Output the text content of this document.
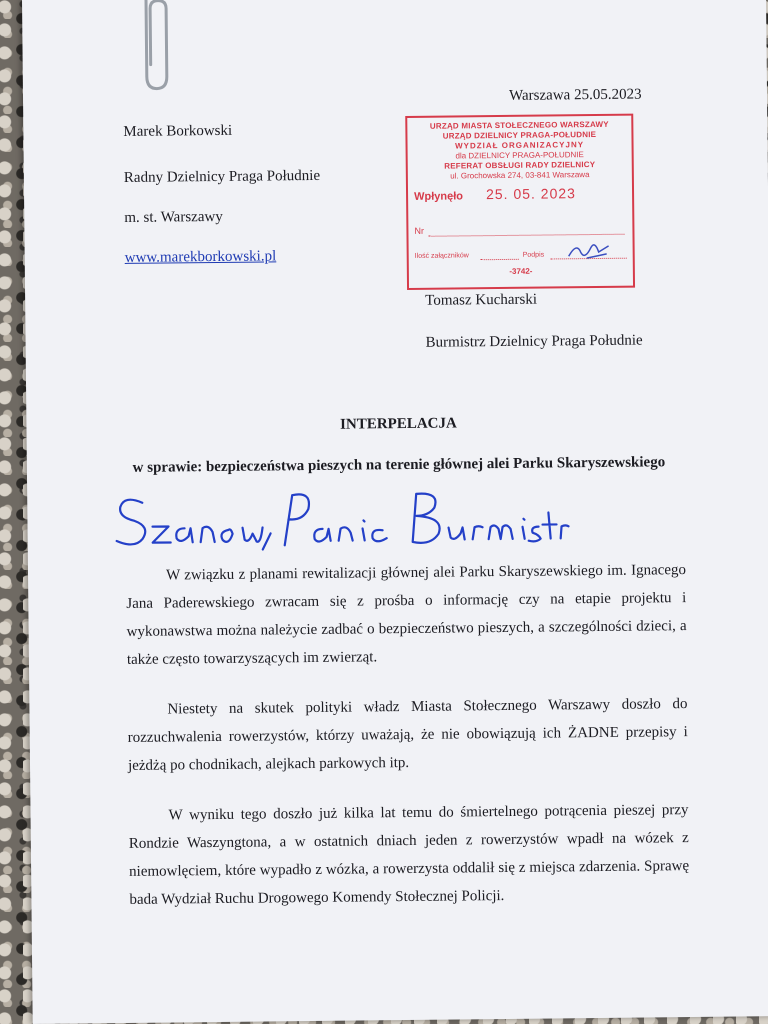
Warszawa 25.05.2023
Marek Borkowski
Radny Dzielnicy Praga Południe
m. st. Warszawy
www.marekborkowski.pl
URZĄD MIASTA STOŁECZNEGO WARSZAWY
URZĄD DZIELNICY PRAGA-POŁUDNIE
WYDZIAŁ ORGANIZACYJNY
dla DZIELNICY PRAGA-POŁUDNIE
REFERAT OBSŁUGI RADY DZIELNICY
ul. Grochowska 274, 03-841 Warszawa
Wpłynęło 25. 05. 2023
Nr
Ilość załączników	Podpis
-3742-
Tomasz Kucharski
Burmistrz Dzielnicy Praga Południe
INTERPELACJA
w sprawie: bezpieczeństwa pieszych na terenie głównej alei Parku Skaryszewskiego

W związku z planami rewitalizacji głównej alei Parku Skaryszewskiego im. Ignacego Jana Paderewskiego zwracam się z prośba o informację czy na etapie projektu i wykonawstwa można należycie zadbać o bezpieczeństwo pieszych, a szczególności dzieci, a także często towarzyszących im zwierząt.

Niestety na skutek polityki władz Miasta Stołecznego Warszawy doszło do rozzuchwalenia rowerzystów, którzy uważają, że nie obowiązują ich ŻADNE przepisy i jeżdżą po chodnikach, alejkach parkowych itp.

W wyniku tego doszło już kilka lat temu do śmiertelnego potrącenia pieszej przy Rondzie Waszyngtona, a w ostatnich dniach jeden z rowerzystów wpadł na wózek z niemowlęciem, które wypadło z wózka, a rowerzysta oddalił się z miejsca zdarzenia. Sprawę bada Wydział Ruchu Drogowego Komendy Stołecznej Policji.
